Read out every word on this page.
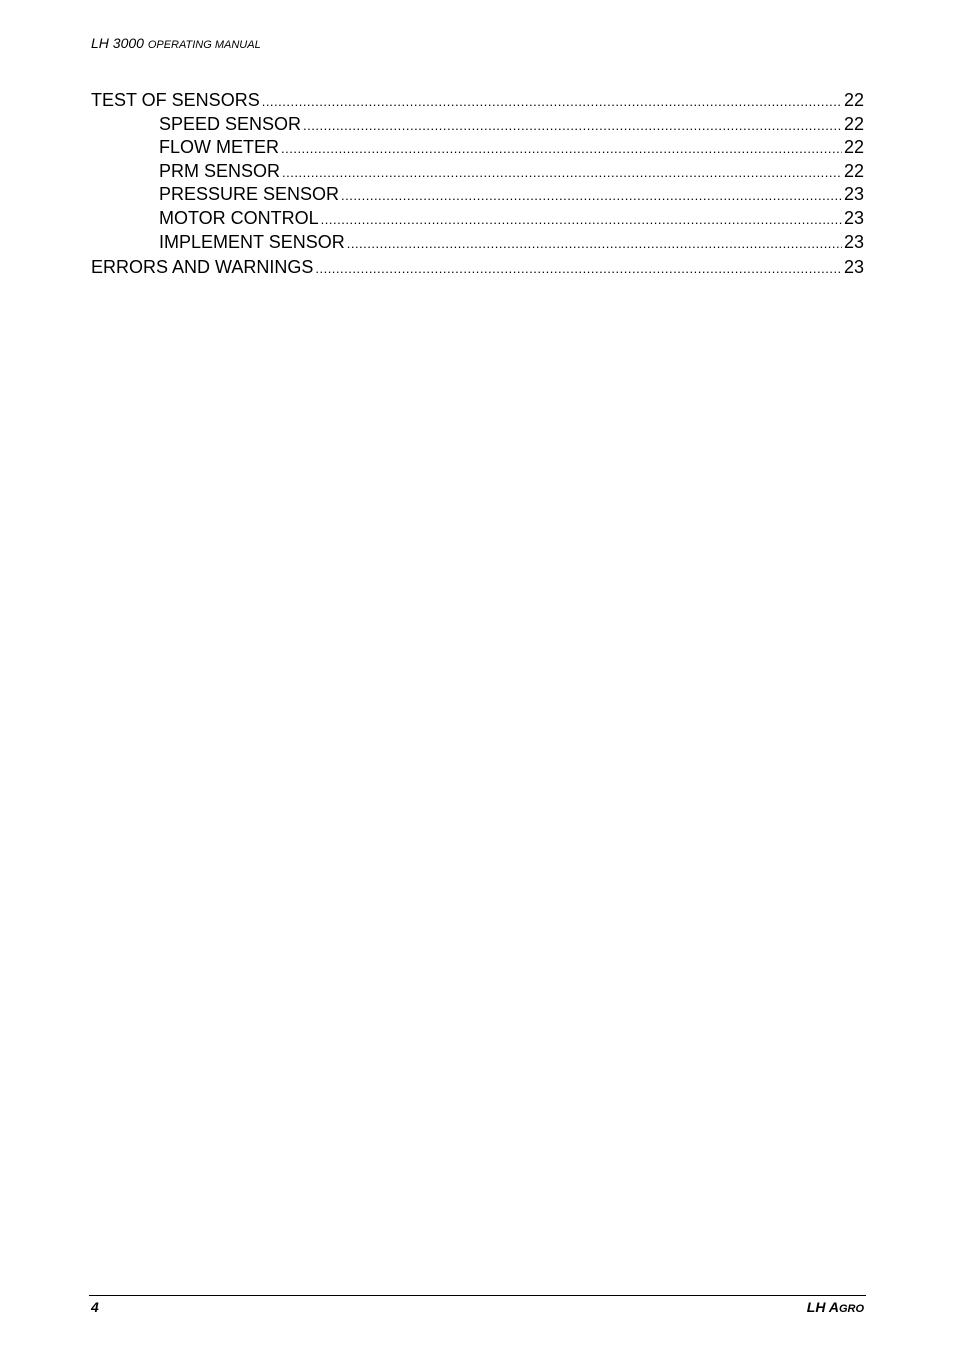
LH 3000 OPERATING MANUAL
TEST OF SENSORS .....	22
SPEED SENSOR .....	22
FLOW METER .....	22
PRM SENSOR .....	22
PRESSURE SENSOR .....	23
MOTOR CONTROL .....	23
IMPLEMENT SENSOR .....	23
ERRORS AND WARNINGS .....	23
4	LH AGRO
